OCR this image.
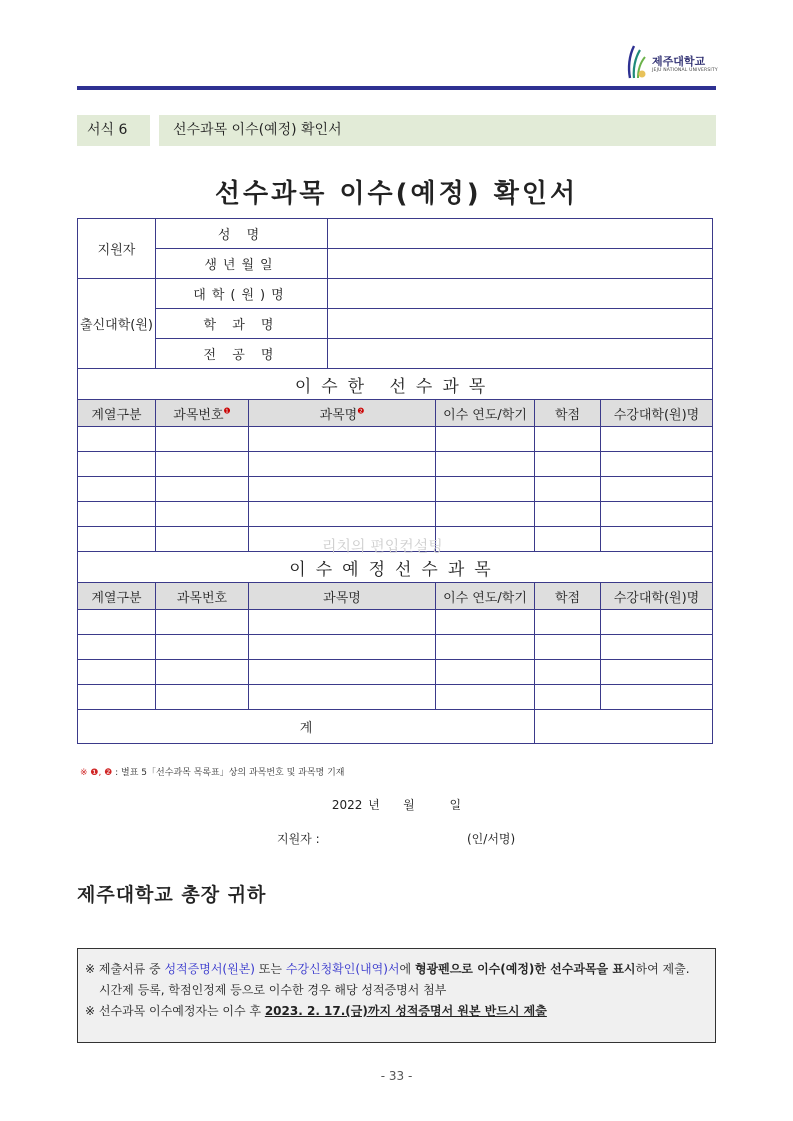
제주대학교
JEJU NATIONAL UNIVERSITY
서식 6	선수과목 이수(예정) 확인서
선수과목 이수(예정) 확인서
지원자	성 명					
	생년월일					
출신대학(원)	대학(원)명					
	학 과 명					
	전 공 명					
이수한 선수과목						
계열구분	과목번호$^❶$	과목명$^❷$		이수 연도/학기	학점	수강대학(원)명

이수예정선수과목						
계열구분	과목번호	과목명		이수 연도/학기	학점	수강대학(원)명

계						
리치의 편입컨설팅
※ ❶, ❷ : 별표 5「선수과목 목록표」상의 과목번호 및 과목명 기재
2022 년    월      일
지원자 :	(인/서명)
제주대학교 총장 귀하
※ 제출서류 중 성적증명서(원본) 또는 수강신청확인(내역)서에 형광펜으로 이수(예정)한 선수과목을 표시하여 제출.
시간제 등록, 학점인정제 등으로 이수한 경우 해당 성적증명서 첨부
※ 선수과목 이수예정자는 이수 후 2023. 2. 17.(금)까지 성적증명서 원본 반드시 제출
- 33 -
